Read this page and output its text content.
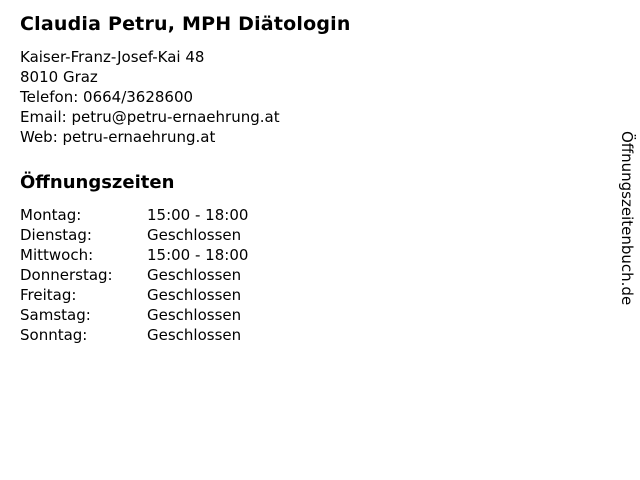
Claudia Petru, MPH Diätologin
Kaiser-Franz-Josef-Kai 48
8010 Graz
Telefon: 0664/3628600
Email: petru@petru-ernaehrung.at
Web: petru-ernaehrung.at
Öffnungszeiten
Montag:	15:00 - 18:00
Dienstag:	Geschlossen
Mittwoch:	15:00 - 18:00
Donnerstag:	Geschlossen
Freitag:	Geschlossen
Samstag:	Geschlossen
Sonntag:	Geschlossen
Öffnungszeitenbuch.de
